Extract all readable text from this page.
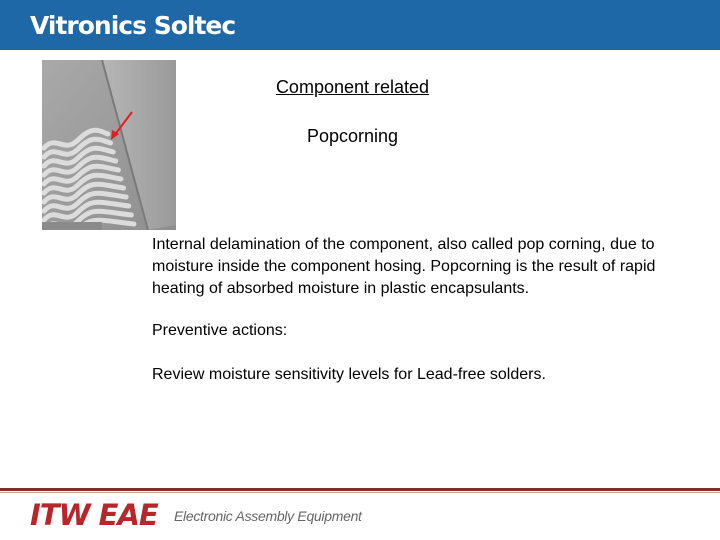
Vitronics Soltec
Component related
Popcorning

Internal delamination of the component, also called pop corning, due to moisture inside the component hosing. Popcorning is the result of rapid heating of absorbed moisture in plastic encapsulants.

Preventive actions:

Review moisture sensitivity levels for Lead-free solders.

ITW EAE Electronic Assembly Equipment
